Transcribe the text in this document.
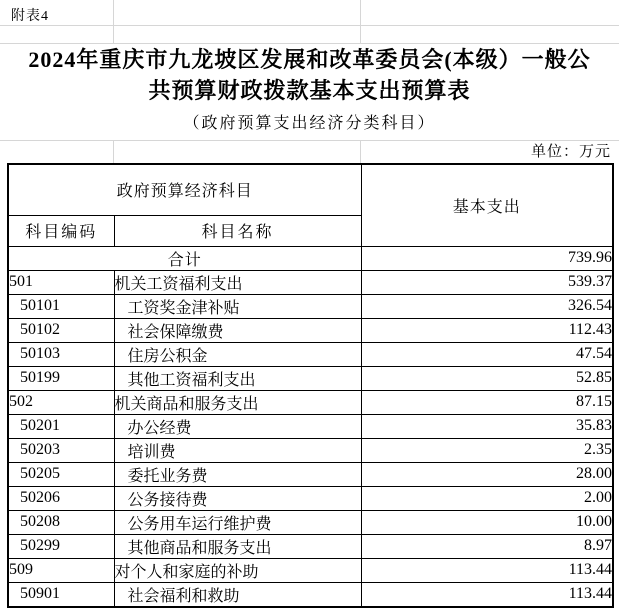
附表4
2024年重庆市九龙坡区发展和改革委员会(本级）一般公
共预算财政拨款基本支出预算表
（政府预算支出经济分类科目）
单位：万元
政府预算经济科目		基本支出
科目编码	科目名称	
合计		739.96
501	机关工资福利支出	539.37
50101	工资奖金津补贴	326.54
50102	社会保障缴费	112.43
50103	住房公积金	47.54
50199	其他工资福利支出	52.85
502	机关商品和服务支出	87.15
50201	办公经费	35.83
50203	培训费	2.35
50205	委托业务费	28.00
50206	公务接待费	2.00
50208	公务用车运行维护费	10.00
50299	其他商品和服务支出	8.97
509	对个人和家庭的补助	113.44
50901	社会福利和救助	113.44
